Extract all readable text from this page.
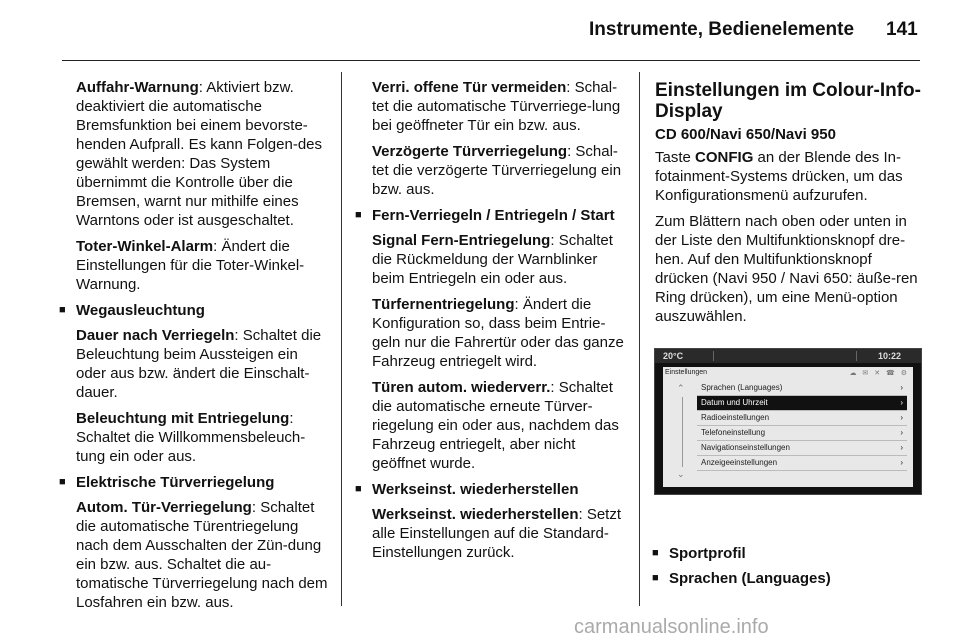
Instrumente, Bedienelemente 141

Auffahr-Warnung: Aktiviert bzw. deaktiviert die automatische Bremsfunktion bei einem bevorste-henden Aufprall. Es kann Folgen-des gewählt werden: Das System übernimmt die Kontrolle über die Bremsen, warnt nur mithilfe eines Warntons oder ist ausgeschaltet.

Toter-Winkel-Alarm: Ändert die Einstellungen für die Toter-Winkel-Warnung.

■ Wegausleuchtung

Dauer nach Verriegeln: Schaltet die Beleuchtung beim Aussteigen ein oder aus bzw. ändert die Einschalt-dauer.

Beleuchtung mit Entriegelung: Schaltet die Willkommensbeleuch-tung ein oder aus.

■ Elektrische Türverriegelung

Autom. Tür-Verriegelung: Schaltet die automatische Türentriegelung nach dem Ausschalten der Zün-dung ein bzw. aus. Schaltet die au-tomatische Türverriegelung nach dem Losfahren ein bzw. aus.

Verri. offene Tür vermeiden: Schal-tet die automatische Türverriege-lung bei geöffneter Tür ein bzw. aus.

Verzögerte Türverriegelung: Schal-tet die verzögerte Türverriegelung ein bzw. aus.

■ Fern-Verriegeln / Entriegeln / Start

Signal Fern-Entriegelung: Schaltet die Rückmeldung der Warnblinker beim Entriegeln ein oder aus.

Türfernentriegelung: Ändert die Konfiguration so, dass beim Entrie-geln nur die Fahrertür oder das ganze Fahrzeug entriegelt wird.

Türen autom. wiederverr.: Schaltet die automatische erneute Türver-riegelung ein oder aus, nachdem das Fahrzeug entriegelt, aber nicht geöffnet wurde.

■ Werkseinst. wiederherstellen

Werkseinst. wiederherstellen: Setzt alle Einstellungen auf die Standard-Einstellungen zurück.

Einstellungen im Colour-Info-Display
CD 600/Navi 650/Navi 950

Taste CONFIG an der Blende des In-fotainment-Systems drücken, um das Konfigurationsmenü aufzurufen.

Zum Blättern nach oben oder unten in der Liste den Multifunktionsknopf dre-hen. Auf den Multifunktionsknopf drücken (Navi 950 / Navi 650: äuße-ren Ring drücken), um eine Menü-option auszuwählen.

20°C	10:22
Einstellungen	☁ ✉ ✕ ☎ ⚙
⌃
⌄
Sprachen (Languages)	›
Datum und Uhrzeit	›
Radioeinstellungen	›
Telefoneinstellung	›
Navigationseinstellungen	›
Anzeigeeinstellungen	›
■ Sportprofil
■ Sprachen (Languages)
carmanualsonline.info
